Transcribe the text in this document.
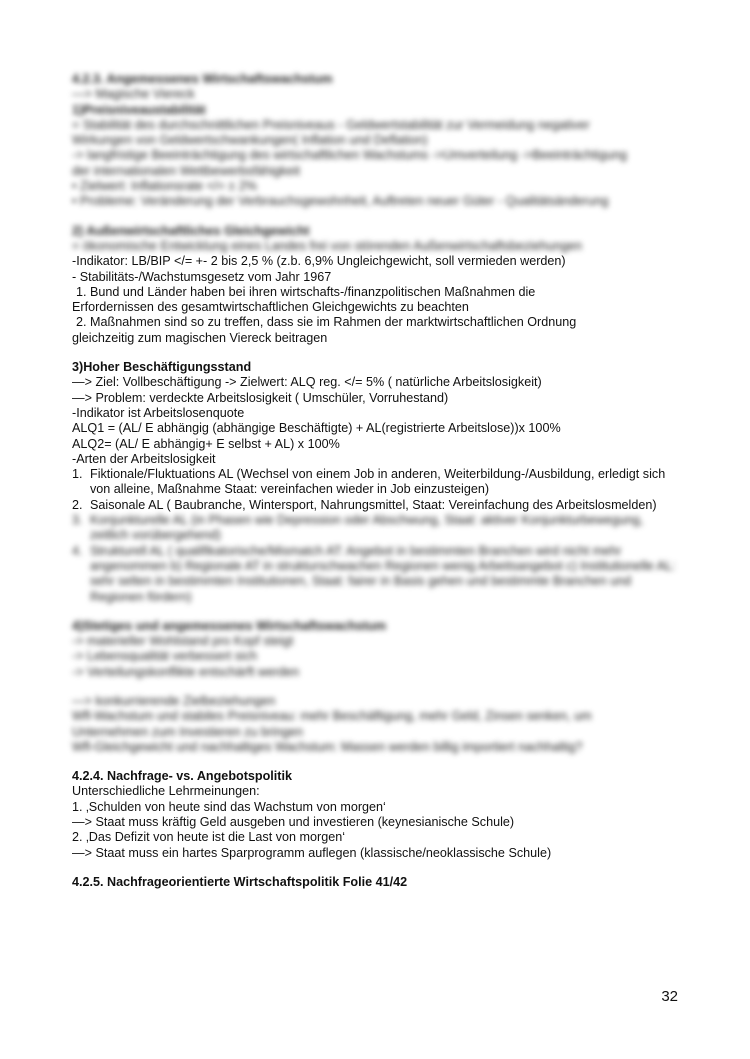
4.2.3. Angemessenes Wirtschaftswachstum
—> Magische Viereck
1)Preisniveaustabilität
= Stabilität des durchschnittlichen Preisniveaus - Geldwertstabilität zur Vermeidung negativer
Wirkungen von Geldwertschwankungen( Inflation und Deflation)
-> langfristige Beeinträchtigung des wirtschaftlichen Wachstums ->Umverteilung ->Beeinträchtigung
der internationalen Wettbewerbsfähigkeit
• Zielwert: Inflationsrate </= ± 2%
• Probleme: Veränderung der Verbrauchsgewohnheit, Auftreten neuer Güter - Qualitätsänderung
2) Außenwirtschaftliches Gleichgewicht
= ökonomische Entwicklung eines Landes frei von störenden Außenwirtschaftsbeziehungen
-Indikator: LB/BIP </= +- 2 bis 2,5 % (z.b. 6,9% Ungleichgewicht, soll vermieden werden)
- Stabilitäts-/Wachstumsgesetz vom Jahr 1967
1. Bund und Länder haben bei ihren wirtschafts-/finanzpolitischen Maßnahmen die
Erfordernissen des gesamtwirtschaftlichen Gleichgewichts zu beachten
2. Maßnahmen sind so zu treffen, dass sie im Rahmen der marktwirtschaftlichen Ordnung
gleichzeitig zum magischen Viereck beitragen
3)Hoher Beschäftigungsstand
—> Ziel: Vollbeschäftigung -> Zielwert: ALQ reg. </= 5% ( natürliche Arbeitslosigkeit)
—> Problem: verdeckte Arbeitslosigkeit ( Umschüler, Vorruhestand)
-Indikator ist Arbeitslosenquote
ALQ1 = (AL/ E abhängig (abhängige Beschäftigte) + AL(registrierte Arbeitslose))x 100%
ALQ2= (AL/ E abhängig+ E selbst + AL) x 100%
-Arten der Arbeitslosigkeit
1. Fiktionale/Fluktuations AL (Wechsel von einem Job in anderen, Weiterbildung-/Ausbildung, erledigt sich von alleine, Maßnahme Staat: vereinfachen wieder in Job einzusteigen)
2. Saisonale AL ( Baubranche, Wintersport, Nahrungsmittel, Staat: Vereinfachung des Arbeitslosmelden)
3. Konjunkturelle AL (in Phasen wie Depression oder Abschwung, Staat: aktiver Konjunkturbewegung, zeitlich vorübergehend)
4. Strukturell AL ( qualifikatorische/Mismatch AT: Angebot in bestimmten Branchen wird nicht mehr angenommen b) Regionale AT in strukturschwachen Regionen wenig Arbeitsangebot c) Institutionelle AL: sehr selten in bestimmten Institutionen, Staat: fairer in Basis gehen und bestimmte Branchen und Regionen fördern)
4)Stetiges und angemessenes Wirtschaftswachstum
-> materieller Wohlstand pro Kopf steigt
-> Lebensqualität verbessert sich
-> Verteilungskonflikte entschärft werden
—> konkurrierende Zielbeziehungen
Wfl-Wachstum und stabiles Preisniveau: mehr Beschäftigung, mehr Geld, Zinsen senken, um
Unternehmen zum Investieren zu bringen
Wfl-Gleichgewicht und nachhaltiges Wachstum: Massen werden billig importiert nachhaltig?
4.2.4. Nachfrage- vs. Angebotspolitik
Unterschiedliche Lehrmeinungen:
1. ‚Schulden von heute sind das Wachstum von morgen‘
—> Staat muss kräftig Geld ausgeben und investieren (keynesianische Schule)
2. ‚Das Defizit von heute ist die Last von morgen‘
—> Staat muss ein hartes Sparprogramm auflegen (klassische/neoklassische Schule)
4.2.5. Nachfrageorientierte Wirtschaftspolitik Folie 41/42
32
